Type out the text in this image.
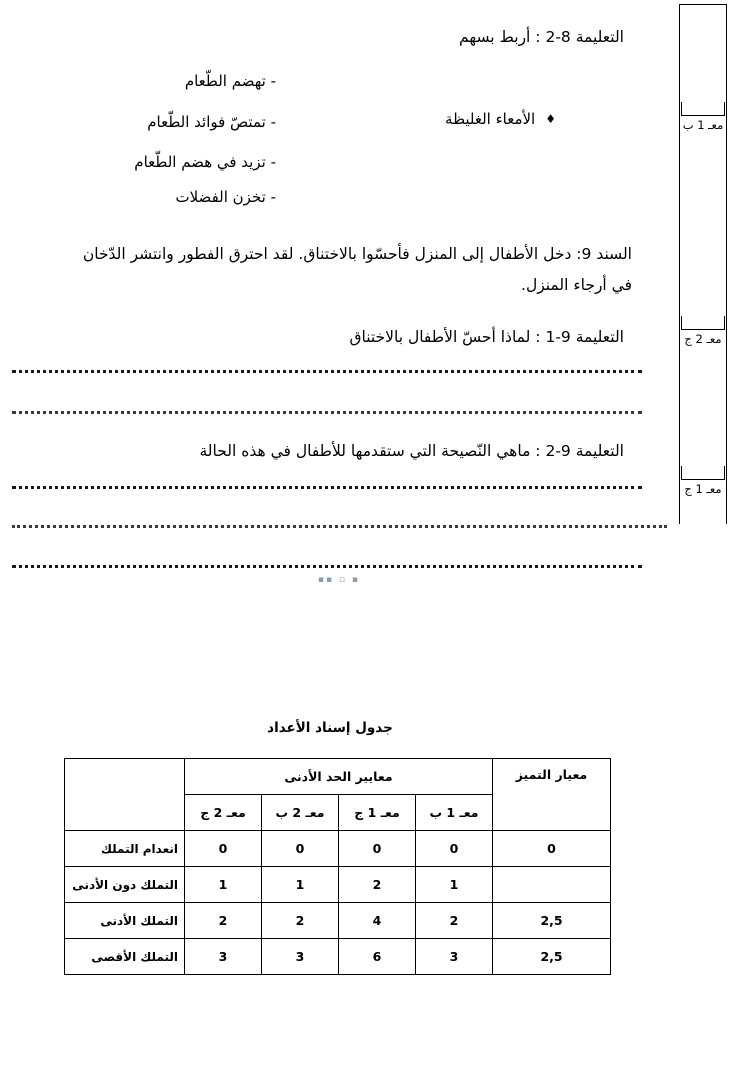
معـ 1 ب
معـ 2 ج
معـ 1 ج
التعليمة 8-2 : أربط بسهم
♦الأمعاء الغليظة
- تهضم الطّعام
- تمتصّ فوائد الطّعام
- تزيد في هضم الطّعام
- تخزن الفضلات
السند 9: دخل الأطفال إلى المنزل فأحسّوا بالاختناق. لقد احترق الفطور وانتشر الدّخان
في أرجاء المنزل.
التعليمة 9-1 : لماذا أحسّ الأطفال بالاختناق
التعليمة 9-2 : ماهي النّصيحة التي ستقدمها للأطفال في هذه الحالة
▪ ▫ ▪▪
جدول إسناد الأعداد
معيار التميز	معايير الحد الأدنى				
	معـ 1 ب	معـ 1 ج	معـ 2 ب	معـ 2 ج	
0	0	0	0	0	انعدام التملك
	1	2	1	1	التملك دون الأدنى
2,5	2	4	2	2	التملك الأدنى
2,5	3	6	3	3	التملك الأقصى
